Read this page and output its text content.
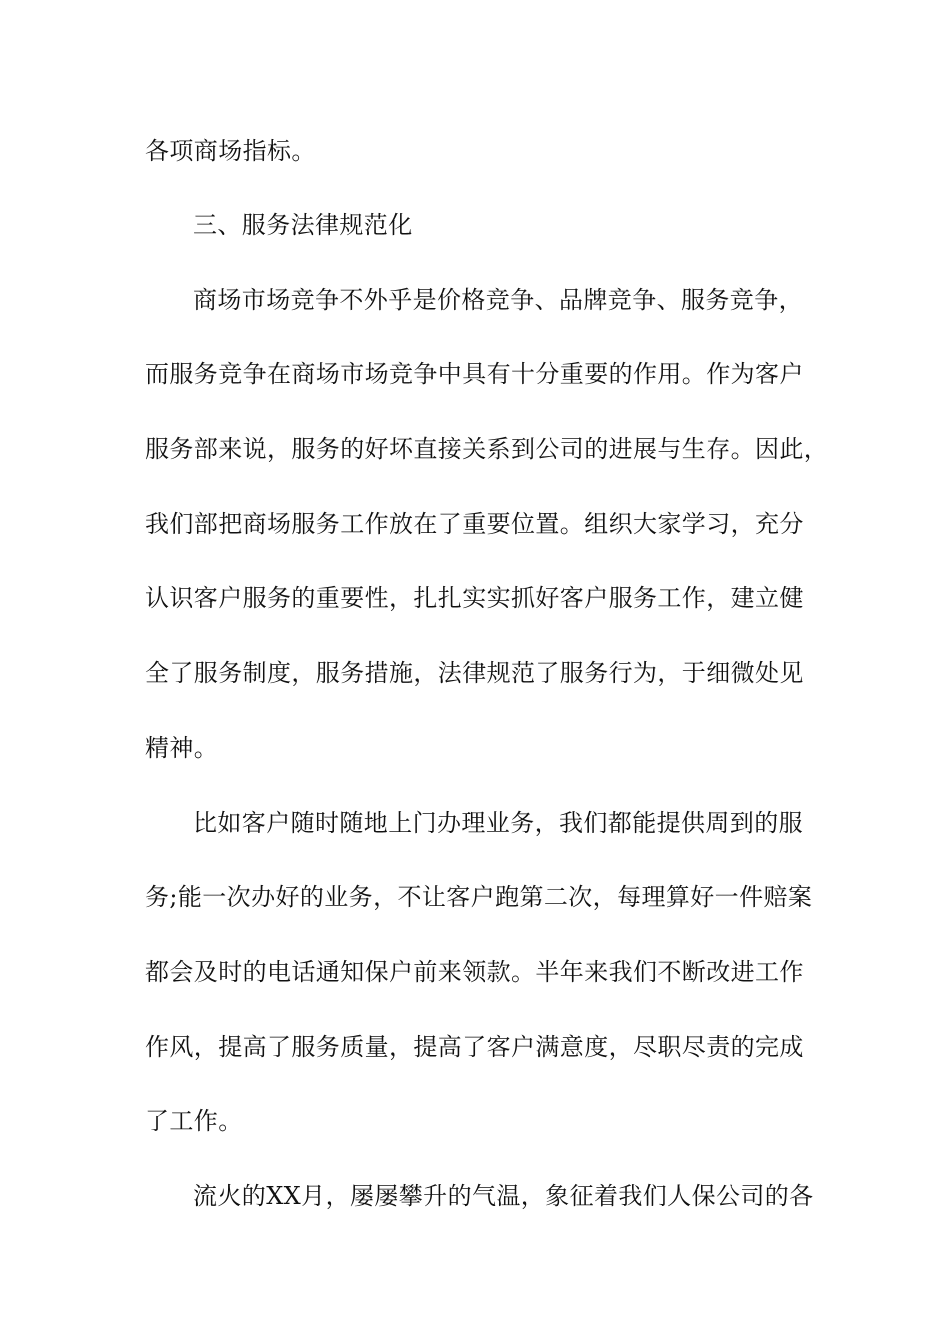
各项商场指标。
三、服务法律规范化
商场市场竞争不外乎是价格竞争、品牌竞争、服务竞争，
而服务竞争在商场市场竞争中具有十分重要的作用。作为客户
服务部来说，服务的好坏直接关系到公司的进展与生存。因此，
我们部把商场服务工作放在了重要位置。组织大家学习，充分
认识客户服务的重要性，扎扎实实抓好客户服务工作，建立健
全了服务制度，服务措施，法律规范了服务行为，于细微处见
精神。
比如客户随时随地上门办理业务，我们都能提供周到的服
务;能一次办好的业务，不让客户跑第二次，每理算好一件赔案
都会及时的电话通知保户前来领款。半年来我们不断改进工作
作风，提高了服务质量，提高了客户满意度，尽职尽责的完成
了工作。
流火的XX月，屡屡攀升的气温，象征着我们人保公司的各
